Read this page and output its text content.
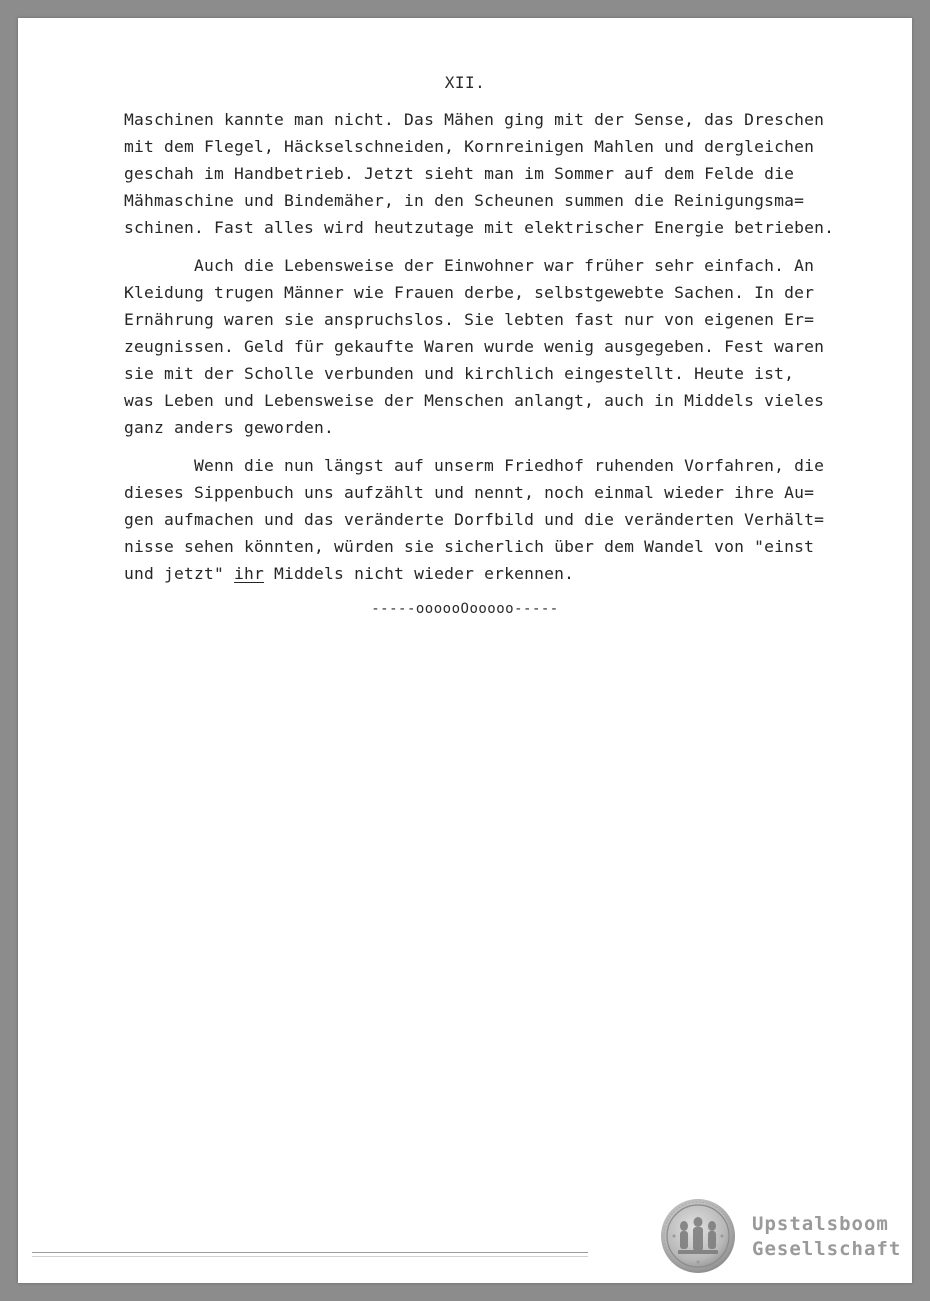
XII.
Maschinen kannte man nicht. Das Mähen ging mit der Sense, das Dreschen
mit dem Flegel, Häckselschneiden, Kornreinigen Mahlen und dergleichen
geschah im Handbetrieb. Jetzt sieht man im Sommer auf dem Felde die
Mähmaschine und Bindemäher, in den Scheunen summen die Reinigungsma=
schinen. Fast alles wird heutzutage mit elektrischer Energie betrieben.
Auch die Lebensweise der Einwohner war früher sehr einfach. An
Kleidung trugen Männer wie Frauen derbe, selbstgewebte Sachen. In der
Ernährung waren sie anspruchslos. Sie lebten fast nur von eigenen Er=
zeugnissen. Geld für gekaufte Waren wurde wenig ausgegeben. Fest waren
sie mit der Scholle verbunden und kirchlich eingestellt. Heute ist,
was Leben und Lebensweise der Menschen anlangt, auch in Middels vieles
ganz anders geworden.
Wenn die nun längst auf unserm Friedhof ruhenden Vorfahren, die
dieses Sippenbuch uns aufzählt und nennt, noch einmal wieder ihre Au=
gen aufmachen und das veränderte Dorfbild und die veränderten Verhält=
nisse sehen könnten, würden sie sicherlich über dem Wandel von "einst
und jetzt" ihr Middels nicht wieder erkennen.
-----oooooOooooo-----
Upstalsboom
Gesellschaft
